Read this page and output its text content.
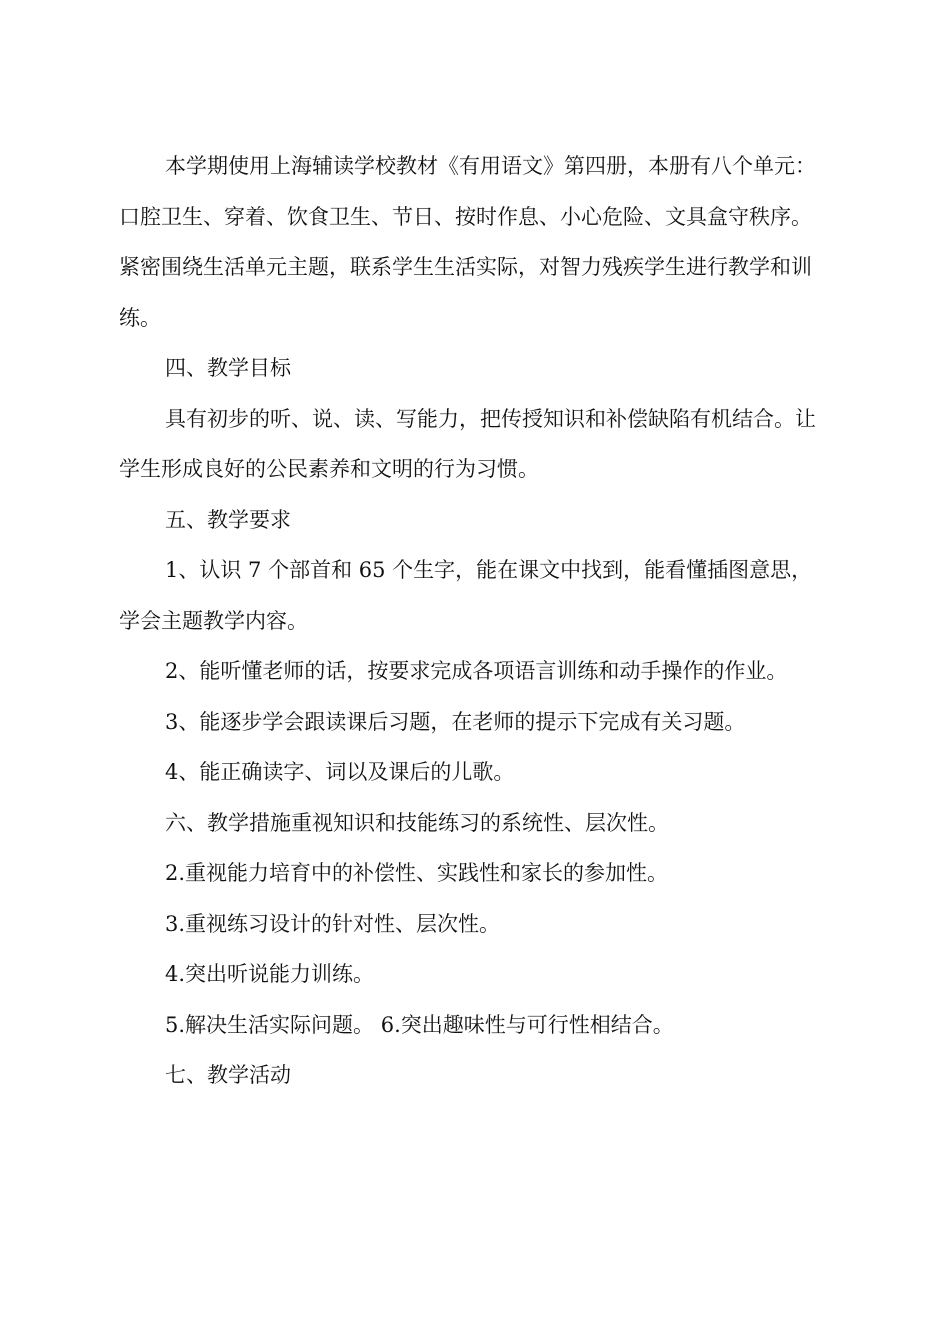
本学期使用上海辅读学校教材《有用语文》第四册，本册有八个单元：口腔卫生、穿着、饮食卫生、节日、按时作息、小心危险、文具盒守秩序。紧密围绕生活单元主题，联系学生生活实际，对智力残疾学生进行教学和训练。

四、教学目标

具有初步的听、说、读、写能力，把传授知识和补偿缺陷有机结合。让学生形成良好的公民素养和文明的行为习惯。

五、教学要求

1、认识 7 个部首和 65 个生字，能在课文中找到，能看懂插图意思，学会主题教学内容。

2、能听懂老师的话，按要求完成各项语言训练和动手操作的作业。

3、能逐步学会跟读课后习题，在老师的提示下完成有关习题。

4、能正确读字、词以及课后的儿歌。

六、教学措施重视知识和技能练习的系统性、层次性。

2.重视能力培育中的补偿性、实践性和家长的参加性。

3.重视练习设计的针对性、层次性。

4.突出听说能力训练。

5.解决生活实际问题。 6.突出趣味性与可行性相结合。

七、教学活动
